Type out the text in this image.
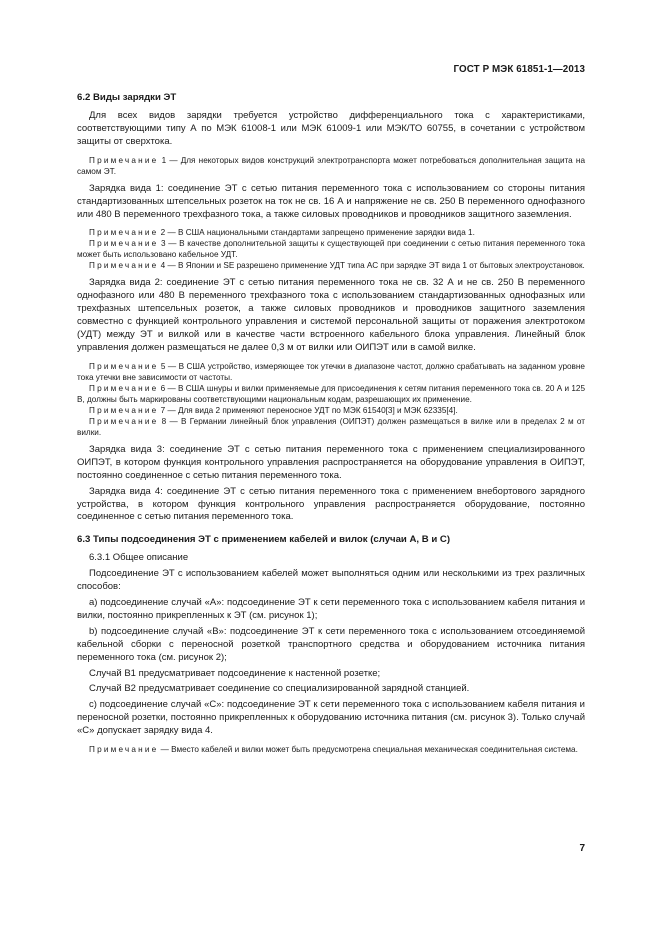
ГОСТ Р МЭК 61851-1—2013
6.2 Виды зарядки ЭТ

Для всех видов зарядки требуется устройство дифференциального тока с характеристиками, соответствующими типу А по МЭК 61008-1 или МЭК 61009-1 или МЭК/ТО 60755, в сочетании с устройством защиты от сверхтока.

Примечание 1 — Для некоторых видов конструкций электротранспорта может потребоваться дополнительная защита на самом ЭТ.

Зарядка вида 1: соединение ЭТ с сетью питания переменного тока с использованием со стороны питания стандартизованных штепсельных розеток на ток не св. 16 А и напряжение не св. 250 В переменного однофазного или 480 В переменного трехфазного тока, а также силовых проводников и проводников защитного заземления.

Примечание 2 — В США национальными стандартами запрещено применение зарядки вида 1.

Примечание 3 — В качестве дополнительной защиты к существующей при соединении с сетью питания переменного тока может быть использовано кабельное УДТ.

Примечание 4 — В Японии и SE разрешено применение УДТ типа АС при зарядке ЭТ вида 1 от бытовых электроустановок.

Зарядка вида 2: соединение ЭТ с сетью питания переменного тока не св. 32 А и не св. 250 В переменного однофазного или 480 В переменного трехфазного тока с использованием стандартизованных однофазных или трехфазных штепсельных розеток, а также силовых проводников и проводников защитного заземления совместно с функцией контрольного управления и системой персональной защиты от поражения электротоком (УДТ) между ЭТ и вилкой или в качестве части встроенного кабельного блока управления. Линейный блок управления должен размещаться не далее 0,3 м от вилки или ОИПЭТ или в самой вилке.

Примечание 5 — В США устройство, измеряющее ток утечки в диапазоне частот, должно срабатывать на заданном уровне тока утечки вне зависимости от частоты.

Примечание 6 — В США шнуры и вилки применяемые для присоединения к сетям питания переменного тока св. 20 А и 125 В, должны быть маркированы соответствующими национальным кодам, разрешающих их применение.

Примечание 7 — Для вида 2 применяют переносное УДТ по МЭК 61540[3] и МЭК 62335[4].

Примечание 8 — В Германии линейный блок управления (ОИПЭТ) должен размещаться в вилке или в пределах 2 м от вилки.

Зарядка вида 3: соединение ЭТ с сетью питания переменного тока с применением специализированного ОИПЭТ, в котором функция контрольного управления распространяется на оборудование управления в ОИПЭТ, постоянно соединенное с сетью питания переменного тока.

Зарядка вида 4: соединение ЭТ с сетью питания переменного тока с применением внебортового зарядного устройства, в котором функция контрольного управления распространяется оборудование, постоянно соединенное с сетью питания переменного тока.

6.3 Типы подсоединения ЭТ с применением кабелей и вилок (случаи А, В и С)

6.3.1 Общее описание

Подсоединение ЭТ с использованием кабелей может выполняться одним или несколькими из трех различных способов:

а) подсоединение случай «А»: подсоединение ЭТ к сети переменного тока с использованием кабеля питания и вилки, постоянно прикрепленных к ЭТ (см. рисунок 1);

b) подсоединение случай «В»: подсоединение ЭТ к сети переменного тока с использованием отсоединяемой кабельной сборки с переносной розеткой транспортного средства и оборудованием источника питания переменного тока (см. рисунок 2);

Случай В1 предусматривает подсоединение к настенной розетке;

Случай В2 предусматривает соединение со специализированной зарядной станцией.

с) подсоединение случай «С»: подсоединение ЭТ к сети переменного тока с использованием кабеля питания и переносной розетки, постоянно прикрепленных к оборудованию источника питания (см. рисунок 3). Только случай «С» допускает зарядку вида 4.

Примечание — Вместо кабелей и вилки может быть предусмотрена специальная механическая соединительная система.

7
